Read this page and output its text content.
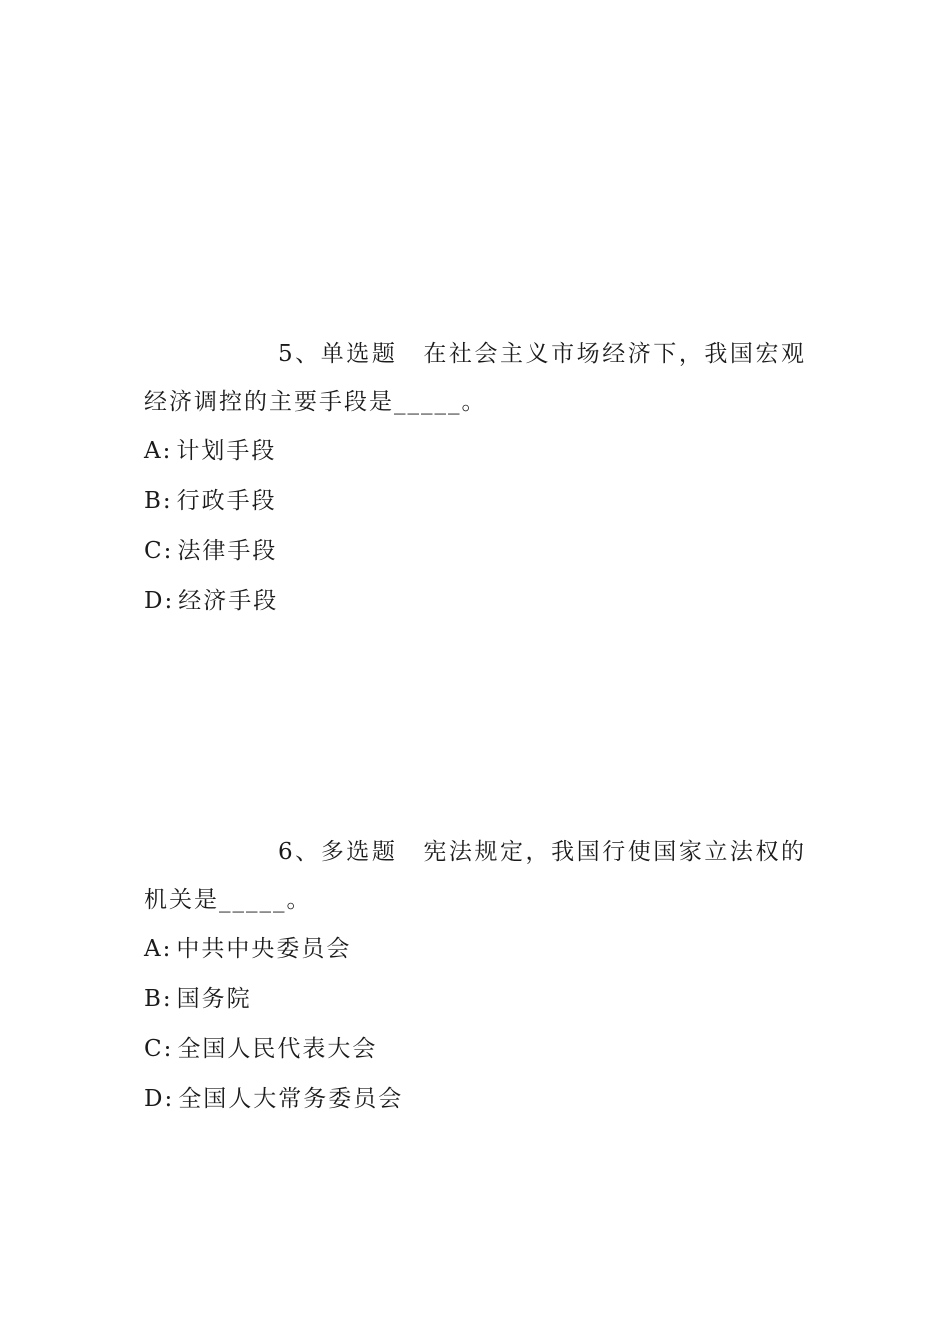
5、单选题 在社会主义市场经济下，我国宏观经济调控的主要手段是_____。

A: 计划手段
B: 行政手段
C: 法律手段
D: 经济手段

6、多选题 宪法规定，我国行使国家立法权的机关是_____。

A: 中共中央委员会
B: 国务院
C: 全国人民代表大会
D: 全国人大常务委员会
